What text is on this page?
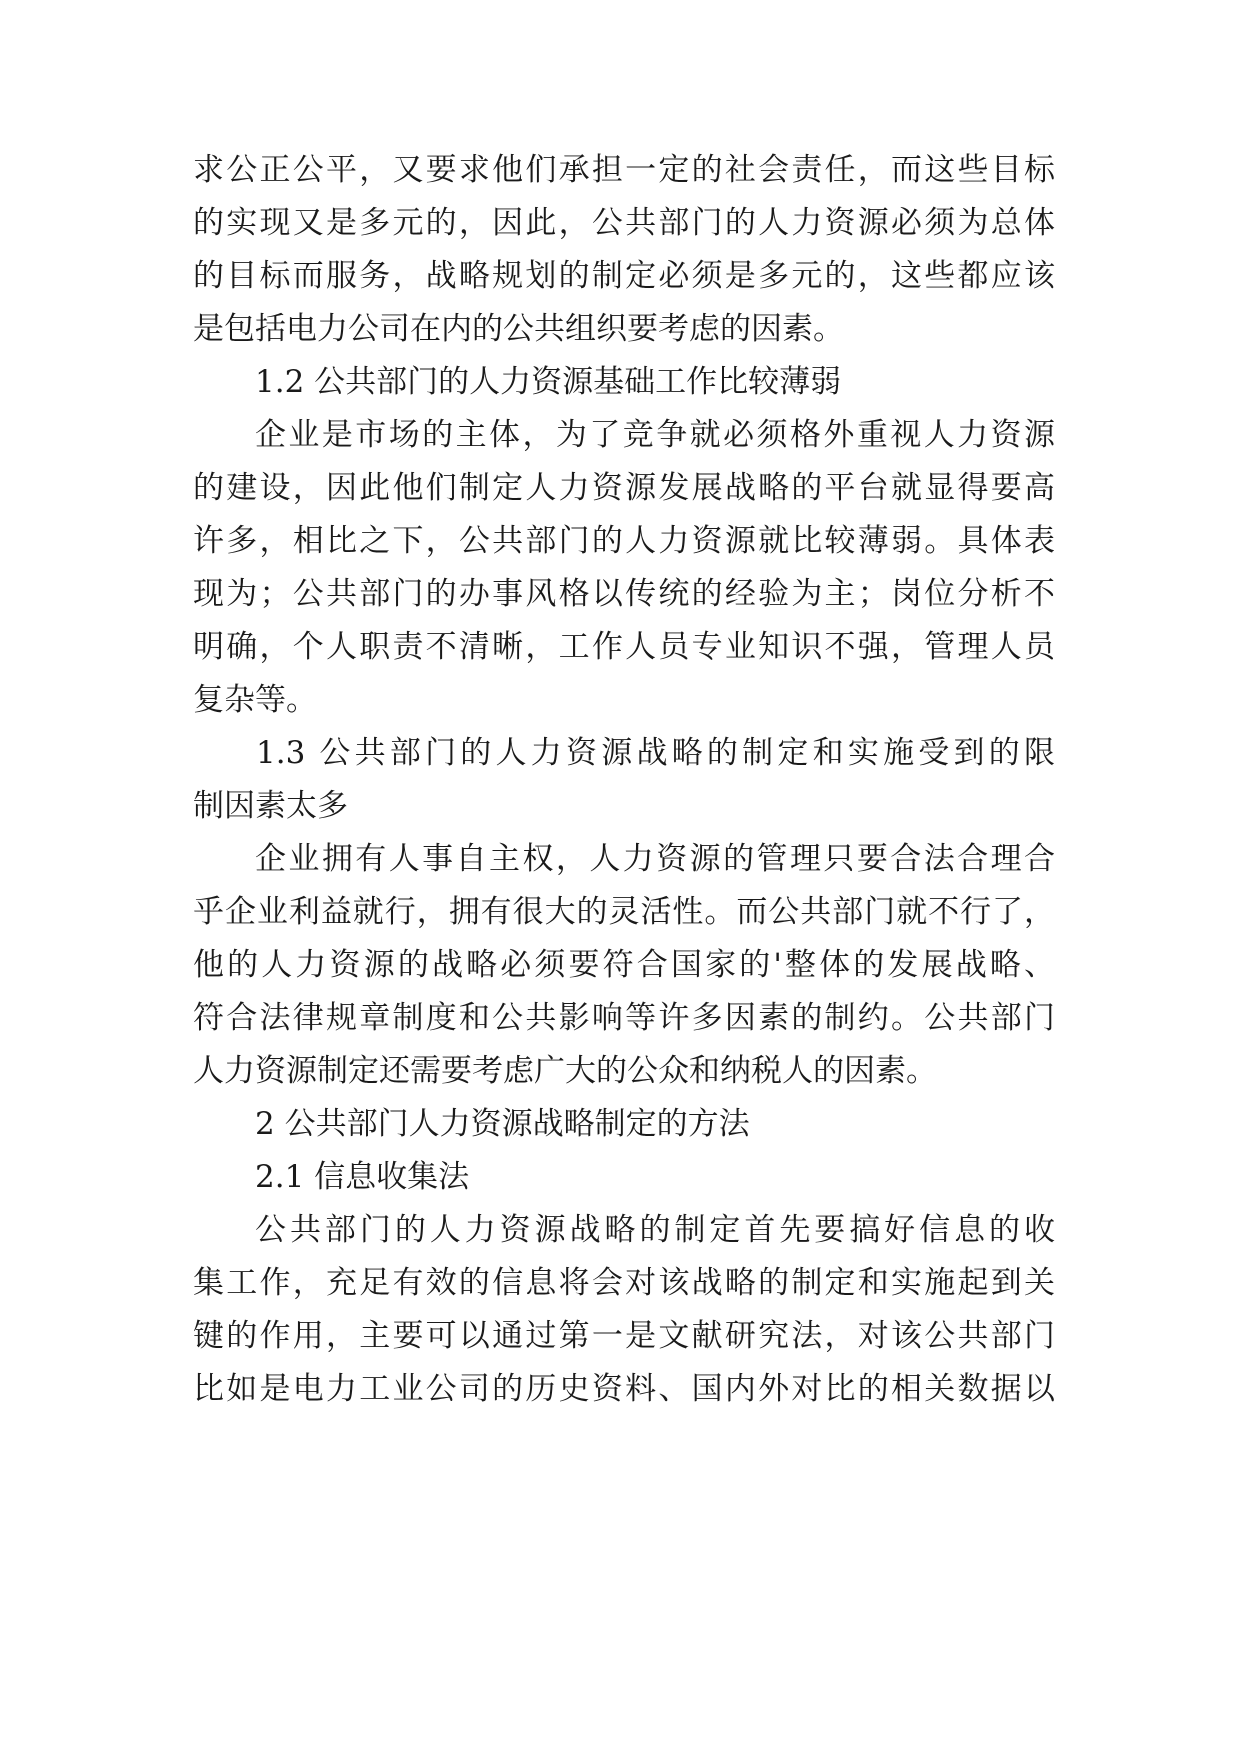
求公正公平，又要求他们承担一定的社会责任，而这些目标
的实现又是多元的，因此，公共部门的人力资源必须为总体
的目标而服务，战略规划的制定必须是多元的，这些都应该
是包括电力公司在内的公共组织要考虑的因素。
1.2 公共部门的人力资源基础工作比较薄弱
企业是市场的主体，为了竞争就必须格外重视人力资源
的建设，因此他们制定人力资源发展战略的平台就显得要高
许多，相比之下，公共部门的人力资源就比较薄弱。具体表
现为；公共部门的办事风格以传统的经验为主；岗位分析不
明确，个人职责不清晰，工作人员专业知识不强，管理人员
复杂等。
1.3 公共部门的人力资源战略的制定和实施受到的限
制因素太多
企业拥有人事自主权，人力资源的管理只要合法合理合
乎企业利益就行，拥有很大的灵活性。而公共部门就不行了，
他的人力资源的战略必须要符合国家的'整体的发展战略、
符合法律规章制度和公共影响等许多因素的制约。公共部门
人力资源制定还需要考虑广大的公众和纳税人的因素。
2 公共部门人力资源战略制定的方法
2.1 信息收集法
公共部门的人力资源战略的制定首先要搞好信息的收
集工作，充足有效的信息将会对该战略的制定和实施起到关
键的作用，主要可以通过第一是文献研究法，对该公共部门
比如是电力工业公司的历史资料、国内外对比的相关数据以
